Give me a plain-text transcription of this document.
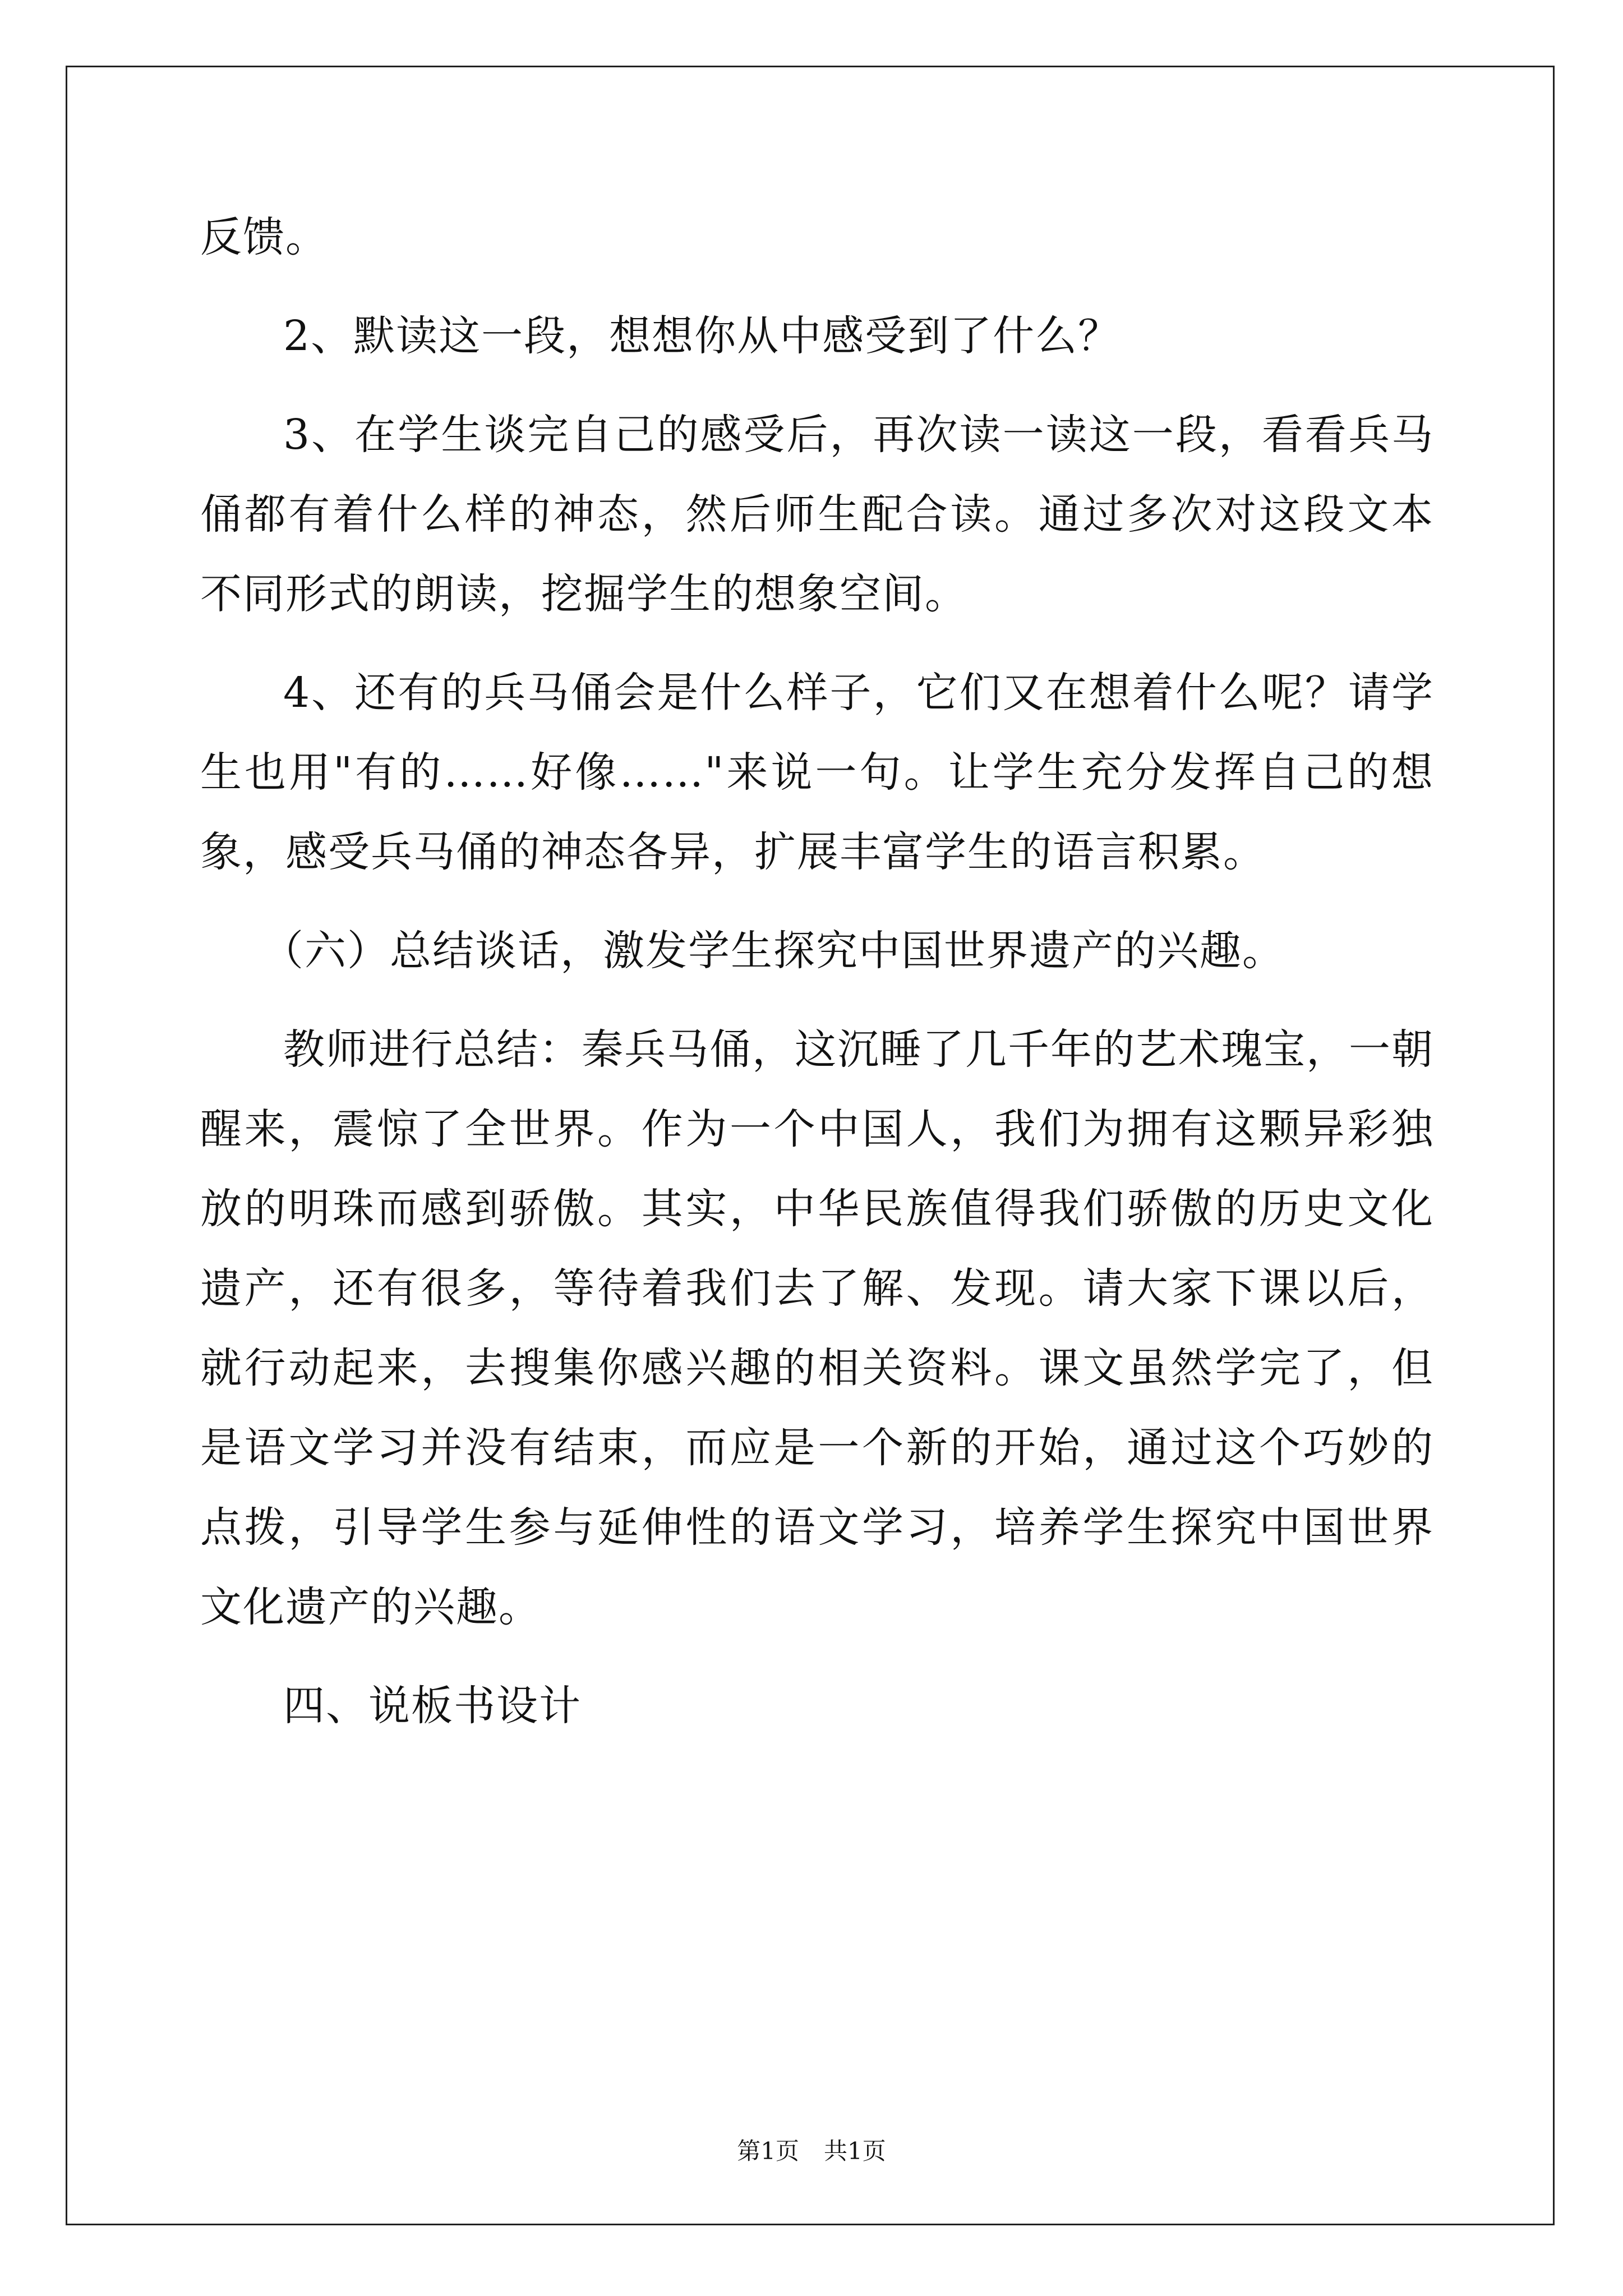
反馈。

2、默读这一段，想想你从中感受到了什么？

3、在学生谈完自己的感受后，再次读一读这一段，看看兵马俑都有着什么样的神态，然后师生配合读。通过多次对这段文本不同形式的朗读，挖掘学生的想象空间。

4、还有的兵马俑会是什么样子，它们又在想着什么呢？请学生也用"有的……好像……"来说一句。让学生充分发挥自己的想象，感受兵马俑的神态各异，扩展丰富学生的语言积累。

（六）总结谈话，激发学生探究中国世界遗产的兴趣。

教师进行总结：秦兵马俑，这沉睡了几千年的艺术瑰宝，一朝醒来，震惊了全世界。作为一个中国人，我们为拥有这颗异彩独放的明珠而感到骄傲。其实，中华民族值得我们骄傲的历史文化遗产，还有很多，等待着我们去了解、发现。请大家下课以后，就行动起来，去搜集你感兴趣的相关资料。课文虽然学完了，但是语文学习并没有结束，而应是一个新的开始，通过这个巧妙的点拨，引导学生参与延伸性的语文学习，培养学生探究中国世界文化遗产的兴趣。

四、说板书设计

第1页 共1页
